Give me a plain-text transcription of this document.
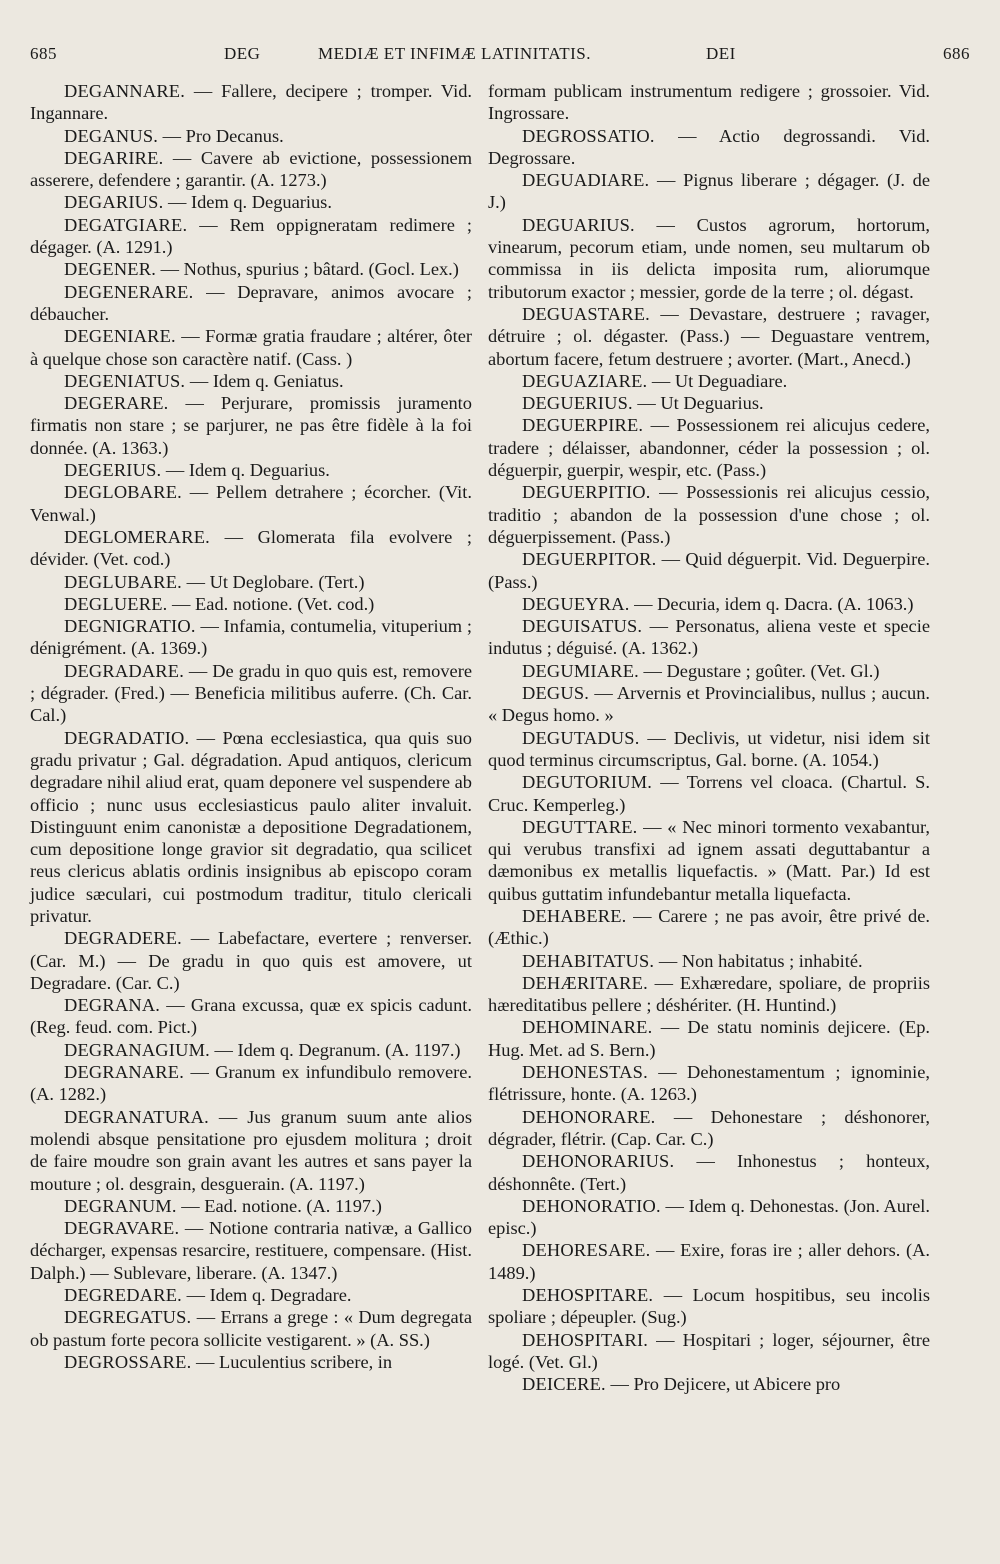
685	DEG	MEDIÆ ET INFIMÆ LATINITATIS.	DEI	686

DEGANNARE. — Fallere, decipere ; tromper. Vid. Ingannare.

DEGANUS. — Pro Decanus.

DEGARIRE. — Cavere ab evictione, possessionem asserere, defendere ; garantir. (A. 1273.)

DEGARIUS. — Idem q. Deguarius.

DEGATGIARE. — Rem oppigneratam redimere ; dégager. (A. 1291.)

DEGENER. — Nothus, spurius ; bâtard. (Gocl. Lex.)

DEGENERARE. — Depravare, animos avocare ; débaucher.

DEGENIARE. — Formæ gratia fraudare ; altérer, ôter à quelque chose son caractère natif. (Cass. )

DEGENIATUS. — Idem q. Geniatus.

DEGERARE. — Perjurare, promissis juramento firmatis non stare ; se parjurer, ne pas être fidèle à la foi donnée. (A. 1363.)

DEGERIUS. — Idem q. Deguarius.

DEGLOBARE. — Pellem detrahere ; écorcher. (Vit. Venwal.)

DEGLOMERARE. — Glomerata fila evolvere ; dévider. (Vet. cod.)

DEGLUBARE. — Ut Deglobare. (Tert.)

DEGLUERE. — Ead. notione. (Vet. cod.)

DEGNIGRATIO. — Infamia, contumelia, vituperium ; dénigrément. (A. 1369.)

DEGRADARE. — De gradu in quo quis est, removere ; dégrader. (Fred.) — Beneficia militibus auferre. (Ch. Car. Cal.)

DEGRADATIO. — Pœna ecclesiastica, qua quis suo gradu privatur ; Gal. dégradation. Apud antiquos, clericum degradare nihil aliud erat, quam deponere vel suspendere ab officio ; nunc usus ecclesiasticus paulo aliter invaluit. Distinguunt enim canonistæ a depositione Degradationem, cum depositione longe gravior sit degradatio, qua scilicet reus clericus ablatis ordinis insignibus ab episcopo coram judice sæculari, cui postmodum traditur, titulo clericali privatur.

DEGRADERE. — Labefactare, evertere ; renverser. (Car. M.) — De gradu in quo quis est amovere, ut Degradare. (Car. C.)

DEGRANA. — Grana excussa, quæ ex spicis cadunt. (Reg. feud. com. Pict.)

DEGRANAGIUM. — Idem q. Degranum. (A. 1197.)

DEGRANARE. — Granum ex infundibulo removere. (A. 1282.)

DEGRANATURA. — Jus granum suum ante alios molendi absque pensitatione pro ejusdem molitura ; droit de faire moudre son grain avant les autres et sans payer la mouture ; ol. desgrain, desguerain. (A. 1197.)

DEGRANUM. — Ead. notione. (A. 1197.)

DEGRAVARE. — Notione contraria nativæ, a Gallico décharger, expensas resarcire, restituere, compensare. (Hist. Dalph.) — Sublevare, liberare. (A. 1347.)

DEGREDARE. — Idem q. Degradare.

DEGREGATUS. — Errans a grege : « Dum degregata ob pastum forte pecora sollicite vestigarent. » (A. SS.)

DEGROSSARE. — Luculentius scribere, in

formam publicam instrumentum redigere ; grossoier. Vid. Ingrossare.

DEGROSSATIO. — Actio degrossandi. Vid. Degrossare.

DEGUADIARE. — Pignus liberare ; dégager. (J. de J.)

DEGUARIUS. — Custos agrorum, hortorum, vinearum, pecorum etiam, unde nomen, seu multarum ob commissa in iis delicta imposita rum, aliorumque tributorum exactor ; messier, gorde de la terre ; ol. dégast.

DEGUASTARE. — Devastare, destruere ; ravager, détruire ; ol. dégaster. (Pass.) — Deguastare ventrem, abortum facere, fetum destruere ; avorter. (Mart., Anecd.)

DEGUAZIARE. — Ut Deguadiare.

DEGUERIUS. — Ut Deguarius.

DEGUERPIRE. — Possessionem rei alicujus cedere, tradere ; délaisser, abandonner, céder la possession ; ol. déguerpir, guerpir, wespir, etc. (Pass.)

DEGUERPITIO. — Possessionis rei alicujus cessio, traditio ; abandon de la possession d'une chose ; ol. déguerpissement. (Pass.)

DEGUERPITOR. — Quid déguerpit. Vid. Deguerpire. (Pass.)

DEGUEYRA. — Decuria, idem q. Dacra. (A. 1063.)

DEGUISATUS. — Personatus, aliena veste et specie indutus ; déguisé. (A. 1362.)

DEGUMIARE. — Degustare ; goûter. (Vet. Gl.)

DEGUS. — Arvernis et Provincialibus, nullus ; aucun. « Degus homo. »

DEGUTADUS. — Declivis, ut videtur, nisi idem sit quod terminus circumscriptus, Gal. borne. (A. 1054.)

DEGUTORIUM. — Torrens vel cloaca. (Chartul. S. Cruc. Kemperleg.)

DEGUTTARE. — « Nec minori tormento vexabantur, qui verubus transfixi ad ignem assati deguttabantur a dæmonibus ex metallis liquefactis. » (Matt. Par.) Id est quibus guttatim infundebantur metalla liquefacta.

DEHABERE. — Carere ; ne pas avoir, être privé de. (Æthic.)

DEHABITATUS. — Non habitatus ; inhabité.

DEHÆRITARE. — Exhæredare, spoliare, de propriis hæreditatibus pellere ; déshériter. (H. Huntind.)

DEHOMINARE. — De statu nominis dejicere. (Ep. Hug. Met. ad S. Bern.)

DEHONESTAS. — Dehonestamentum ; ignominie, flétrissure, honte. (A. 1263.)

DEHONORARE. — Dehonestare ; déshonorer, dégrader, flétrir. (Cap. Car. C.)

DEHONORARIUS. — Inhonestus ; honteux, déshonnête. (Tert.)

DEHONORATIO. — Idem q. Dehonestas. (Jon. Aurel. episc.)

DEHORESARE. — Exire, foras ire ; aller dehors. (A. 1489.)

DEHOSPITARE. — Locum hospitibus, seu incolis spoliare ; dépeupler. (Sug.)

DEHOSPITARI. — Hospitari ; loger, séjourner, être logé. (Vet. Gl.)

DEICERE. — Pro Dejicere, ut Abicere pro
